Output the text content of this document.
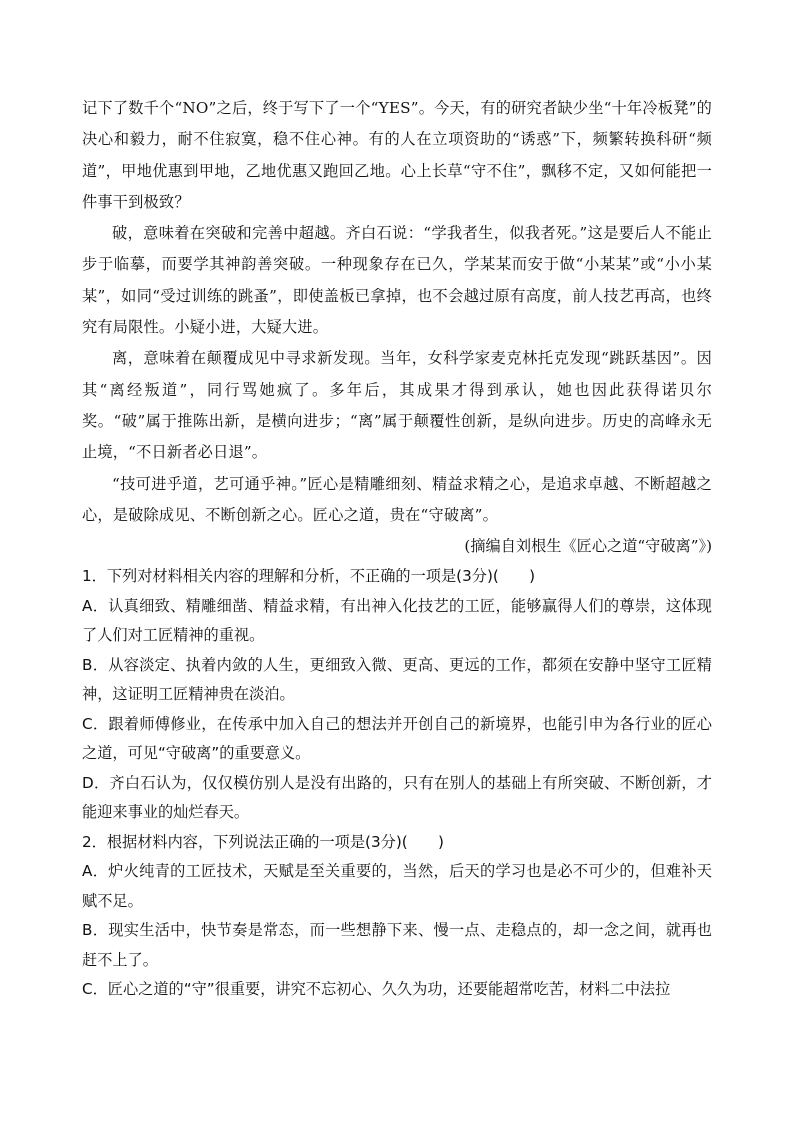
记下了数千个“NO”之后，终于写下了一个“YES”。今天，有的研究者缺少坐“十年冷板凳”的决心和毅力，耐不住寂寞，稳不住心神。有的人在立项资助的“诱惑”下，频繁转换科研“频道”，甲地优惠到甲地，乙地优惠又跑回乙地。心上长草“守不住”，飘移不定，又如何能把一件事干到极致？

破，意味着在突破和完善中超越。齐白石说：“学我者生，似我者死。”这是要后人不能止步于临摹，而要学其神韵善突破。一种现象存在已久，学某某而安于做“小某某”或“小小某某”，如同“受过训练的跳蚤”，即使盖板已拿掉，也不会越过原有高度，前人技艺再高，也终究有局限性。小疑小进，大疑大进。

离，意味着在颠覆成见中寻求新发现。当年，女科学家麦克林托克发现“跳跃基因”。因其“离经叛道”，同行骂她疯了。多年后，其成果才得到承认，她也因此获得诺贝尔奖。“破”属于推陈出新，是横向进步；“离”属于颠覆性创新，是纵向进步。历史的高峰永无止境，“不日新者必日退”。

“技可进乎道，艺可通乎神。”匠心是精雕细刻、精益求精之心，是追求卓越、不断超越之心，是破除成见、不断创新之心。匠心之道，贵在“守破离”。

(摘编自刘根生《匠心之道“守破离”》)

1．下列对材料相关内容的理解和分析，不正确的一项是(3分)(　　)

A．认真细致、精雕细凿、精益求精，有出神入化技艺的工匠，能够赢得人们的尊崇，这体现了人们对工匠精神的重视。

B．从容淡定、执着内敛的人生，更细致入微、更高、更远的工作，都须在安静中坚守工匠精神，这证明工匠精神贵在淡泊。

C．跟着师傅修业，在传承中加入自己的想法并开创自己的新境界，也能引申为各行业的匠心之道，可见“守破离”的重要意义。

D．齐白石认为，仅仅模仿别人是没有出路的，只有在别人的基础上有所突破、不断创新，才能迎来事业的灿烂春天。

2．根据材料内容，下列说法正确的一项是(3分)(　　)

A．炉火纯青的工匠技术，天赋是至关重要的，当然，后天的学习也是必不可少的，但难补天赋不足。

B．现实生活中，快节奏是常态，而一些想静下来、慢一点、走稳点的，却一念之间，就再也赶不上了。

C．匠心之道的“守”很重要，讲究不忘初心、久久为功，还要能超常吃苦，材料二中法拉
